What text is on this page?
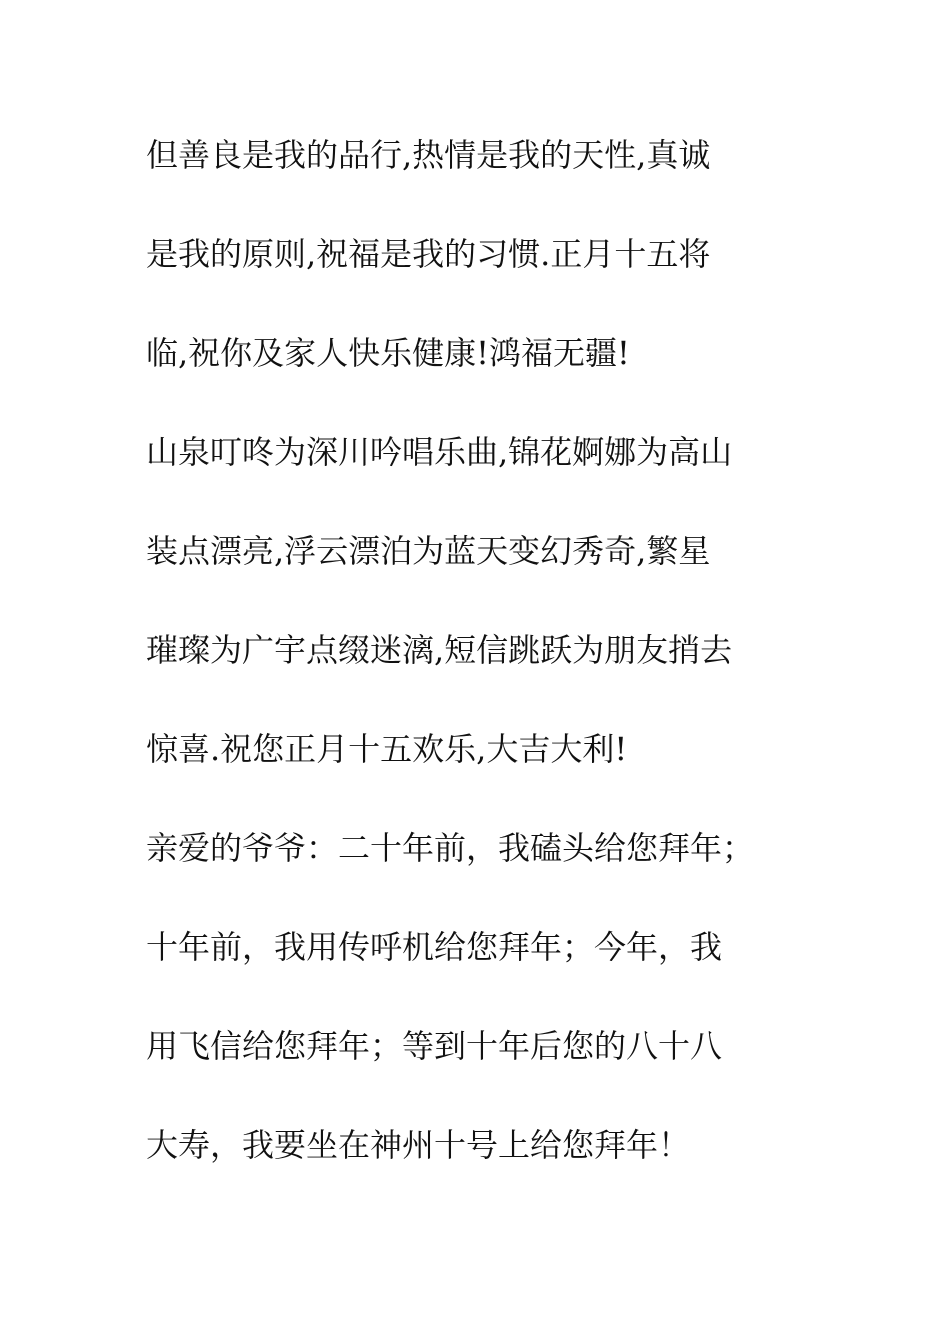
但善良是我的品行,热情是我的天性,真诚
是我的原则,祝福是我的习惯.正月十五将
临,祝你及家人快乐健康!鸿福无疆!
山泉叮咚为深川吟唱乐曲,锦花婀娜为高山
装点漂亮,浮云漂泊为蓝天变幻秀奇,繁星
璀璨为广宇点缀迷漓,短信跳跃为朋友捎去
惊喜.祝您正月十五欢乐,大吉大利!
亲爱的爷爷：二十年前，我磕头给您拜年；
十年前，我用传呼机给您拜年；今年，我
用飞信给您拜年；等到十年后您的八十八
大寿，我要坐在神州十号上给您拜年！
